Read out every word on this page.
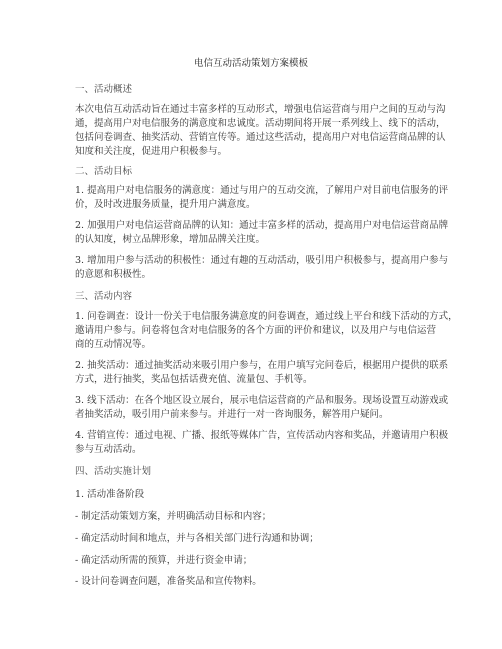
电信互动活动策划方案模板
一、活动概述
本次电信互动活动旨在通过丰富多样的互动形式，增强电信运营商与用户之间的互动与沟
通，提高用户对电信服务的满意度和忠诚度。活动期间将开展一系列线上、线下的活动，
包括问卷调查、抽奖活动、营销宣传等。通过这些活动，提高用户对电信运营商品牌的认
知度和关注度，促进用户积极参与。
二、活动目标
1. 提高用户对电信服务的满意度：通过与用户的互动交流，了解用户对目前电信服务的评
价，及时改进服务质量，提升用户满意度。
2. 加强用户对电信运营商品牌的认知：通过丰富多样的活动，提高用户对电信运营商品牌
的认知度，树立品牌形象，增加品牌关注度。
3. 增加用户参与活动的积极性：通过有趣的互动活动，吸引用户积极参与，提高用户参与
的意愿和积极性。
三、活动内容
1. 问卷调查：设计一份关于电信服务满意度的问卷调查，通过线上平台和线下活动的方式，
邀请用户参与。问卷将包含对电信服务的各个方面的评价和建议，以及用户与电信运营
商的互动情况等。
2. 抽奖活动：通过抽奖活动来吸引用户参与，在用户填写完问卷后，根据用户提供的联系
方式，进行抽奖，奖品包括话费充值、流量包、手机等。
3. 线下活动：在各个地区设立展台，展示电信运营商的产品和服务。现场设置互动游戏或
者抽奖活动，吸引用户前来参与。并进行一对一咨询服务，解答用户疑问。
4. 营销宣传：通过电视、广播、报纸等媒体广告，宣传活动内容和奖品，并邀请用户积极
参与互动活动。
四、活动实施计划
1. 活动准备阶段
- 制定活动策划方案，并明确活动目标和内容；
- 确定活动时间和地点，并与各相关部门进行沟通和协调；
- 确定活动所需的预算，并进行资金申请；
- 设计问卷调查问题，准备奖品和宣传物料。
